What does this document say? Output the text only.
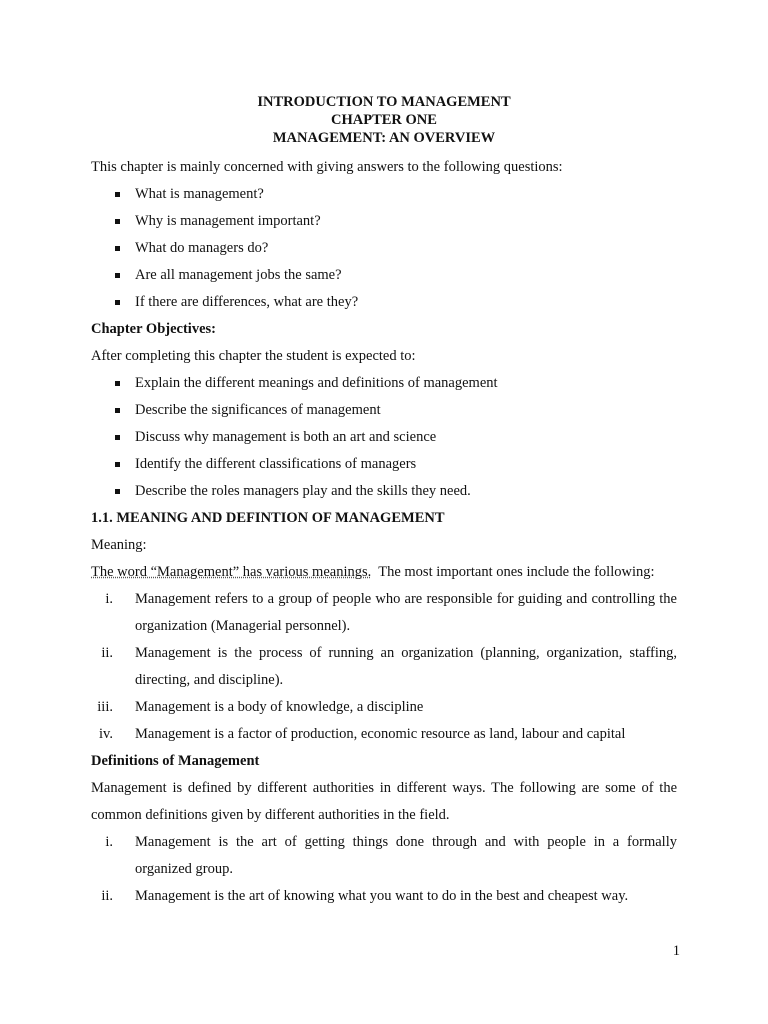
INTRODUCTION TO MANAGEMENT
CHAPTER ONE
MANAGEMENT: AN OVERVIEW

This chapter is mainly concerned with giving answers to the following questions:

What is management?
Why is management important?
What do managers do?
Are all management jobs the same?
If there are differences, what are they?

Chapter Objectives:

After completing this chapter the student is expected to:

Explain the different meanings and definitions of management
Describe the significances of management
Discuss why management is both an art and science
Identify the different classifications of managers
Describe the roles managers play and the skills they need.

1.1. MEANING AND DEFINTION OF MANAGEMENT

Meaning:

The word “Management” has various meanings.  The most important ones include the following:

i. Management refers to a group of people who are responsible for guiding and controlling the organization (Managerial personnel).
ii. Management is the process of running an organization (planning, organization, staffing, directing, and discipline).
iii. Management is a body of knowledge, a discipline
iv. Management is a factor of production, economic resource as land, labour and capital

Definitions of Management

Management is defined by different authorities in different ways. The following are some of the common definitions given by different authorities in the field.

i. Management is the art of getting things done through and with people in a formally organized group.
ii. Management is the art of knowing what you want to do in the best and cheapest way.
1
